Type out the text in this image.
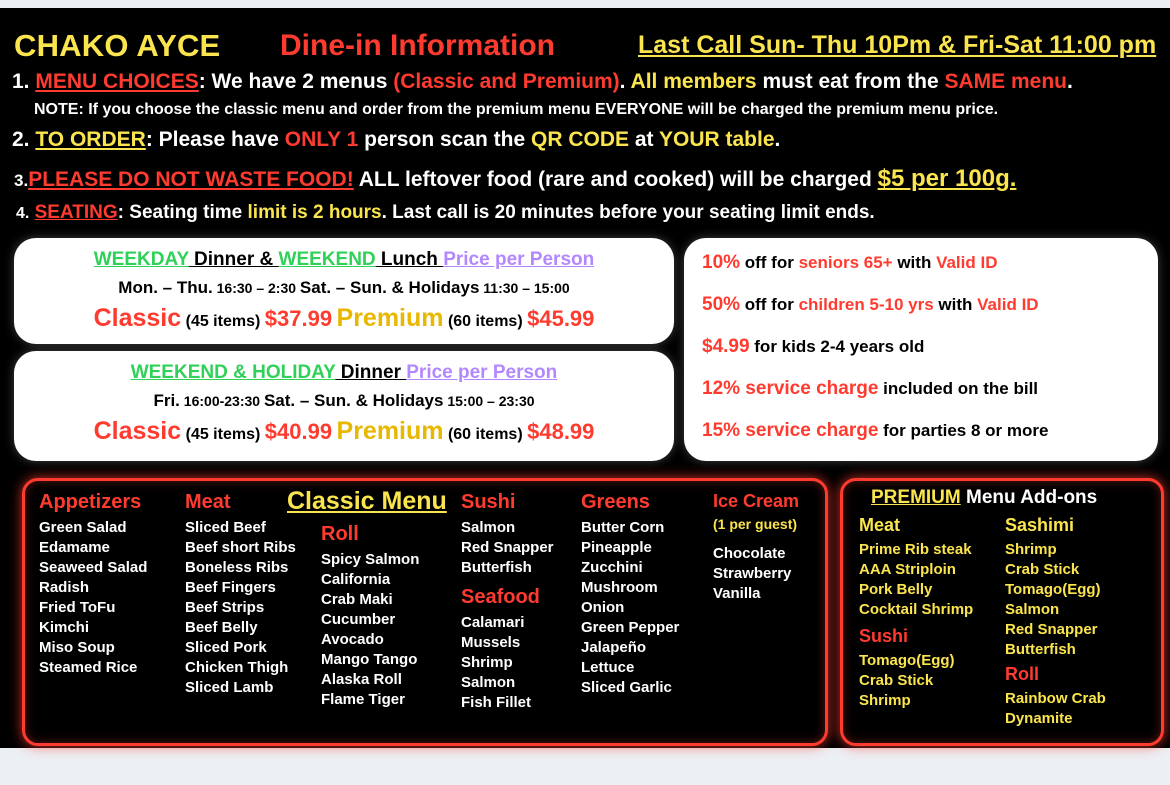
CHAKO AYCE Dine-in Information	Last Call Sun- Thu 10Pm & Fri-Sat 11:00 pm
1. MENU CHOICES: We have 2 menus (Classic and Premium). All members must eat from the SAME menu.
NOTE: If you choose the classic menu and order from the premium menu EVERYONE will be charged the premium menu price.
2. TO ORDER: Please have ONLY 1 person scan the QR CODE at YOUR table.
3.PLEASE DO NOT WASTE FOOD! ALL leftover food (rare and cooked) will be charged $5 per 100g.
4. SEATING: Seating time limit is 2 hours. Last call is 20 minutes before your seating limit ends.
WEEKDAY Dinner & WEEKEND Lunch Price per Person
Mon. – Thu. 16:30 – 2:30 Sat. – Sun. & Holidays 11:30 – 15:00
Classic (45 items) $37.99 Premium (60 items) $45.99
WEEKEND & HOLIDAY Dinner Price per Person
Fri. 16:00-23:30 Sat. – Sun. & Holidays 15:00 – 23:30
Classic (45 items) $40.99 Premium (60 items) $48.99
10% off for seniors 65+ with Valid ID
50% off for children 5-10 yrs with Valid ID
$4.99 for kids 2-4 years old
12% service charge included on the bill
15% service charge for parties 8 or more
Classic Menu
Appetizers
Green Salad
Edamame
Seaweed Salad
Radish
Fried ToFu
Kimchi
Miso Soup
Steamed Rice
Meat
Sliced Beef
Beef short Ribs
Boneless Ribs
Beef Fingers
Beef Strips
Beef Belly
Sliced Pork
Chicken Thigh
Sliced Lamb
Roll
Spicy Salmon
California
Crab Maki
Cucumber
Avocado
Mango Tango
Alaska Roll
Flame Tiger
Sushi
Salmon
Red Snapper
Butterfish
Seafood
Calamari
Mussels
Shrimp
Salmon
Fish Fillet
Greens
Butter Corn
Pineapple
Zucchini
Mushroom
Onion
Green Pepper
Jalapeño
Lettuce
Sliced Garlic
Ice Cream
(1 per guest)
Chocolate
Strawberry
Vanilla
PREMIUM Menu Add-ons
Meat
Prime Rib steak
AAA Striploin
Pork Belly
Cocktail Shrimp
Sushi
Tomago(Egg)
Crab Stick
Shrimp
Sashimi
Shrimp
Crab Stick
Tomago(Egg)
Salmon
Red Snapper
Butterfish
Roll
Rainbow Crab
Dynamite
